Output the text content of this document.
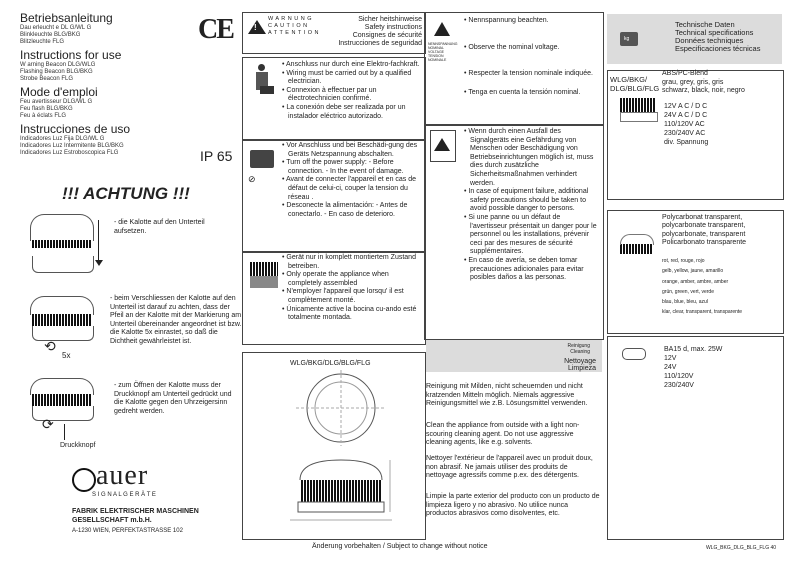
Betriebsanleitung
Dau erleucht e DL G/WL G
Blinkleuchte BLG/BKG
Blitzleuchte FLG
Instructions for use
W arning Beacon DLG/WLG
Flashing Beacon BLG/BKG
Strobe Beacon FLG
Mode d'emploi
Feu avertisseur DLG/WL G
Feu flash BLG/BKG
Feu à éclats FLG
Instrucciones de uso
Indicadores Luz Fija DLG/WL G
Indicadores Luz Intermitente BLG/BKG
Indicadores Luz Estroboscopica FLG
CE
IP 65
!!! ACHTUNG !!!
- die Kalotte auf den Unterteil aufsetzen.
⟲
5x
- beim Verschliessen der Kalotte auf den Unterteil ist darauf zu achten, dass der Pfeil an der Kalotte mit der Markierung am Unterteil übereinander angeordnet ist bzw. die Kalotte 5x einrastet, so daß die Dichtheit gewährleistet ist.
⟳
Druckknopf
- zum Öffnen der Kalotte muss der Druckknopf am Unterteil gedrückt und die Kalotte gegen den Uhrzeigersinn gedreht werden.
auer
S I G N A L G E R Ä T E
FABRIK ELEKTRISCHER MASCHINEN
GESELLSCHAFT m.b.H.
A-1230 WIEN, PERFEKTASTRASSE 102
!
W A R N U N G
C A U T I O N
A T T E N T I O N
Sicher heitshinweise
Safety instructions
Consignes de sécurité
Instrucciones de seguridad
• Anschluss nur durch eine Elektro-fachkraft.
• Wiring must be carried out by a qualified electrician.
• Connexion à effectuer par un électrotechnicien confirmé.
• La conexión debe ser realizada por un instalador eléctrico autorizado.
⊘
• Vor Anschluss und bei Beschädi-gung des Geräts Netzspannung abschalten.
• Turn off the power supply: - Before connection. - In the event of damage.
• Avant de connecter l'appareil et en cas de défaut de celui-ci, couper la tension du réseau .
• Desconecte la alimentación: - Antes de conectarlo. - En caso de deterioro.
• Gerät nur in komplett montiertem Zustand betreiben.
• Only operate the appliance when completely assembled
• N'employer l'appareil que lorsqu' il est complètement monté.
• Únicamente active la bocina cu-ando esté totalmente montada.
WLG/BKG/DLG/BLG/FLG
Änderung vorbehalten / Subject to change without notice
NENNSPANNUNG NOMINAL VOLTAGE TENSION NOMINALE
• Nennspannung beachten.
• Observe the nominal voltage.
• Respecter la tension nominale indiquée.
• Tenga en cuenta la tensión nominal.
• Wenn durch einen Ausfall des Signalgeräts eine Gefährdung von Menschen oder Beschädigung von Betriebseinrichtungen möglich ist, muss dies durch zusätzliche Sicherheitsmaßnahmen verhindert werden.
• In case of equipment failure, additional safety precautions should be taken to avoid possible danger to persons.
• Si une panne ou un défaut de l'avertisseur présentait un danger pour le personnel ou les installations, prévenir ceci par des mesures de sécurité supplémentaires.
• En caso de avería, se deben tomar precauciones adicionales para evitar posibles daños a las personas.
Reinigung Cleaning
Nettoyage Limpieza
Reinigung mit Milden, nicht scheuernden und nicht kratzenden Mitteln möglich. Niemals aggressive Reinigungsmittel wie z.B. Lösungsmittel verwenden.
Clean the appliance from outside with a light non-scouring cleaning agent. Do not use aggressive cleaning agents, like e.g. solvents.
Nettoyer l'extérieur de l'appareil avec un produit doux, non abrasif. Ne jamais utiliser des produits de nettoyage agressifs comme p.ex. des détergents.
Limpie la parte exterior del producto con un producto de limpieza ligero y no abrasivo. No utilice nunca productos abrasivos como disolventes, etc.
kg
Technische Daten
Technical specifications
Données techniques
Especificaciones técnicas
WLG/BKG/ DLG/BLG/FLG
ABS/PC-Blend
grau, grey, gris, gris
schwarz, black, noir, negro
12V A C / D C
24V A C / D C
110/120V AC
230/240V AC
div. Spannung
Polycarbonat transparent,
polycarbonate transparent,
polycarbonate, transparent
Policarbonato transparente
rot, red, rouge, rojo
gelb, yellow, jaune, amarillo
orange, amber, ambre, amber
grün, green, vert, verde
blau, blue, bleu, azul
klar, clear, transparent, transparente
BA15 d, max. 25W
12V
24V
110/120V
230/240V
WLG_BKG_DLG_BLG_FLG 40
